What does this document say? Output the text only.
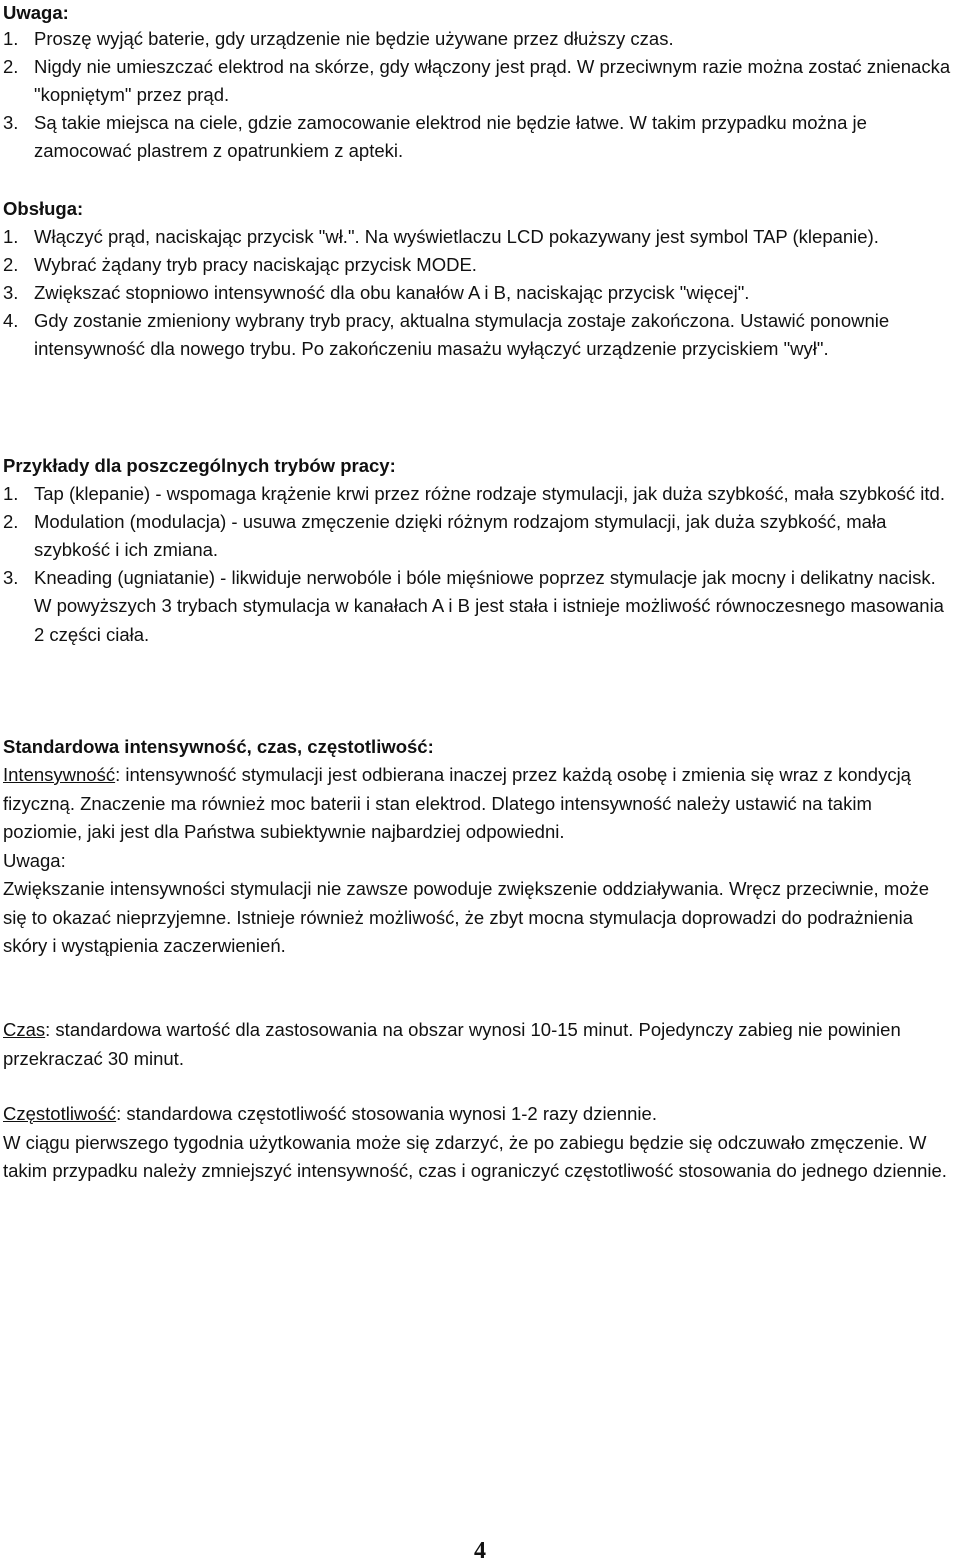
Uwaga:
1. Proszę wyjąć baterie, gdy urządzenie nie będzie używane przez dłuższy czas.
2. Nigdy nie umieszczać elektrod na skórze, gdy włączony jest prąd. W przeciwnym razie można zostać znienacka "kopniętym" przez prąd.
3. Są takie miejsca na ciele, gdzie zamocowanie elektrod nie będzie łatwe. W takim przypadku można je zamocować plastrem z opatrunkiem z apteki.
Obsługa:
1. Włączyć prąd, naciskając przycisk "wł.". Na wyświetlaczu LCD pokazywany jest symbol TAP (klepanie).
2. Wybrać żądany tryb pracy naciskając przycisk MODE.
3. Zwiększać stopniowo intensywność dla obu kanałów A i B, naciskając przycisk "więcej".
4. Gdy zostanie zmieniony wybrany tryb pracy, aktualna stymulacja zostaje zakończona. Ustawić ponownie intensywność dla nowego trybu. Po zakończeniu masażu wyłączyć urządzenie przyciskiem "wył".
Przykłady dla poszczególnych trybów pracy:
1. Tap (klepanie) - wspomaga krążenie krwi przez różne rodzaje stymulacji, jak duża szybkość, mała szybkość itd.
2. Modulation (modulacja) - usuwa zmęczenie dzięki różnym rodzajom stymulacji, jak duża szybkość, mała szybkość i ich zmiana.
3. Kneading (ugniatanie) - likwiduje nerwobóle i bóle mięśniowe poprzez stymulacje jak mocny i delikatny nacisk.
W powyższych 3 trybach stymulacja w kanałach A i B jest stała i istnieje możliwość równoczesnego masowania 2 części ciała.
Standardowa intensywność, czas, częstotliwość:
Intensywność: intensywność stymulacji jest odbierana inaczej przez każdą osobę i zmienia się wraz z kondycją fizyczną. Znaczenie ma również moc baterii i stan elektrod. Dlatego intensywność należy ustawić na takim poziomie, jaki jest dla Państwa subiektywnie najbardziej odpowiedni.
Uwaga:
Zwiększanie intensywności stymulacji nie zawsze powoduje zwiększenie oddziaływania. Wręcz przeciwnie, może się to okazać nieprzyjemne. Istnieje również możliwość, że zbyt mocna stymulacja doprowadzi do podrażnienia skóry i wystąpienia zaczerwienień.
Czas: standardowa wartość dla zastosowania na obszar wynosi 10-15 minut. Pojedynczy zabieg nie powinien przekraczać 30 minut.
Częstotliwość: standardowa częstotliwość stosowania wynosi 1-2 razy dziennie.
W ciągu pierwszego tygodnia użytkowania może się zdarzyć, że po zabiegu będzie się odczuwało zmęczenie. W takim przypadku należy zmniejszyć intensywność, czas i ograniczyć częstotliwość stosowania do jednego dziennie.
4
